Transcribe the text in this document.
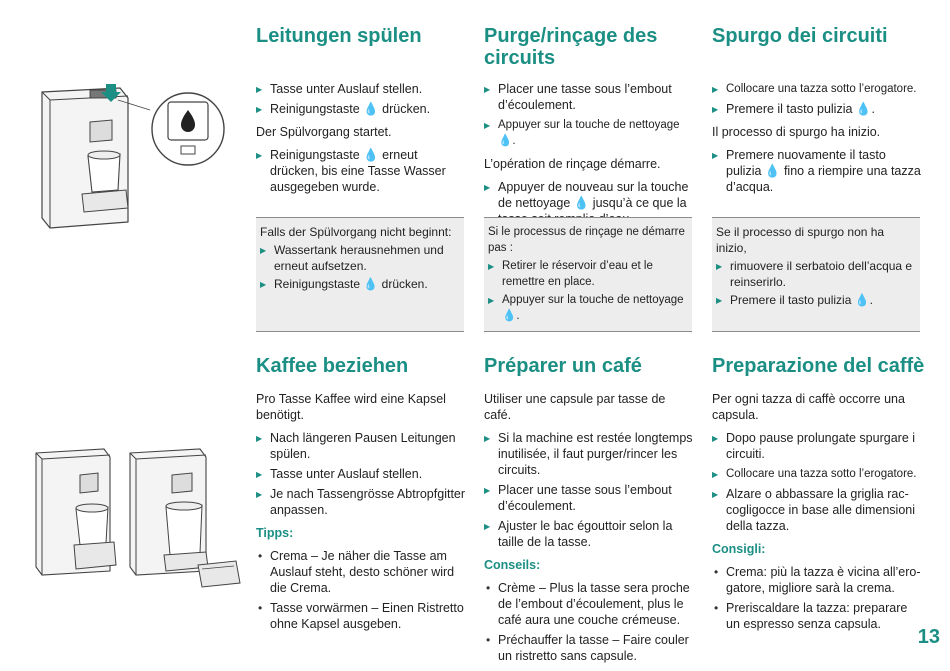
Leitungen spülen
▶ Tasse unter Auslauf stellen.
▶ Reinigungstaste 💧 drücken.

Der Spülvorgang startet.

▶ Reinigungstaste 💧 erneut drücken, bis eine Tasse Wasser ausgegeben wurde.

Falls der Spülvorgang nicht beginnt:

▶ Wassertank herausnehmen und erneut aufsetzen.
▶ Reinigungstaste 💧 drücken.
Purge/rinçage des circuits
▶ Placer une tasse sous l’embout d’écoulement.
▶ Appuyer sur la touche de nettoyage 💧.

L’opération de rinçage démarre.

▶ Appuyer de nouveau sur la touche de nettoyage 💧 jusqu’à ce que la

Si le processus de rinçage ne démarre pas :

▶ Retirer le réservoir d’eau et le remettre en place.
▶ Appuyer sur la touche de nettoyage 💧.
Spurgo dei circuiti
▶ Collocare una tazza sotto l’erogatore.
▶ Premere il tasto pulizia 💧.

Il processo di spurgo ha inizio.

▶ Premere nuovamente il tasto pulizia 💧 fino a riempire una tazza d’acqua.

Se il processo di spurgo non ha inizio,

▶ rimuovere il serbatoio dell’acqua e reinserirlo.
▶ Premere il tasto pulizia 💧.
Kaffee beziehen

Pro Tasse Kaffee wird eine Kapsel benötigt.

▶ Nach längeren Pausen Leitungen spülen.
▶ Tasse unter Auslauf stellen.
▶ Je nach Tassengrösse Abtropfgitter anpassen.

Tipps:

• Crema – Je näher die Tasse am Auslauf steht, desto schöner wird die Crema.
• Tasse vorwärmen – Einen Ristretto ohne Kapsel ausgeben.
Préparer un café

Utiliser une capsule par tasse de café.

▶ Si la machine est restée longtemps inutilisée, il faut purger/rincer les circuits.
▶ Placer une tasse sous l’embout d’écoulement.
▶ Ajuster le bac égouttoir selon la taille de la tasse.

Conseils:

• Crème – Plus la tasse sera proche de l’embout d’écoulement, plus le café aura une couche crémeuse.
• Préchauffer la tasse – Faire couler un ristretto sans capsule.
Preparazione del caffè

Per ogni tazza di caffè occorre una capsula.

▶ Dopo pause prolungate spurgare i circuiti.
▶ Collocare una tazza sotto l’erogatore.
▶ Alzare o abbassare la griglia raccogligocce in base alle dimensioni della tazza.

Consigli:

• Crema: più la tazza è vicina all’erogatore, migliore sarà la crema.
• Preriscaldare la tazza: preparare un espresso senza capsula.
13
